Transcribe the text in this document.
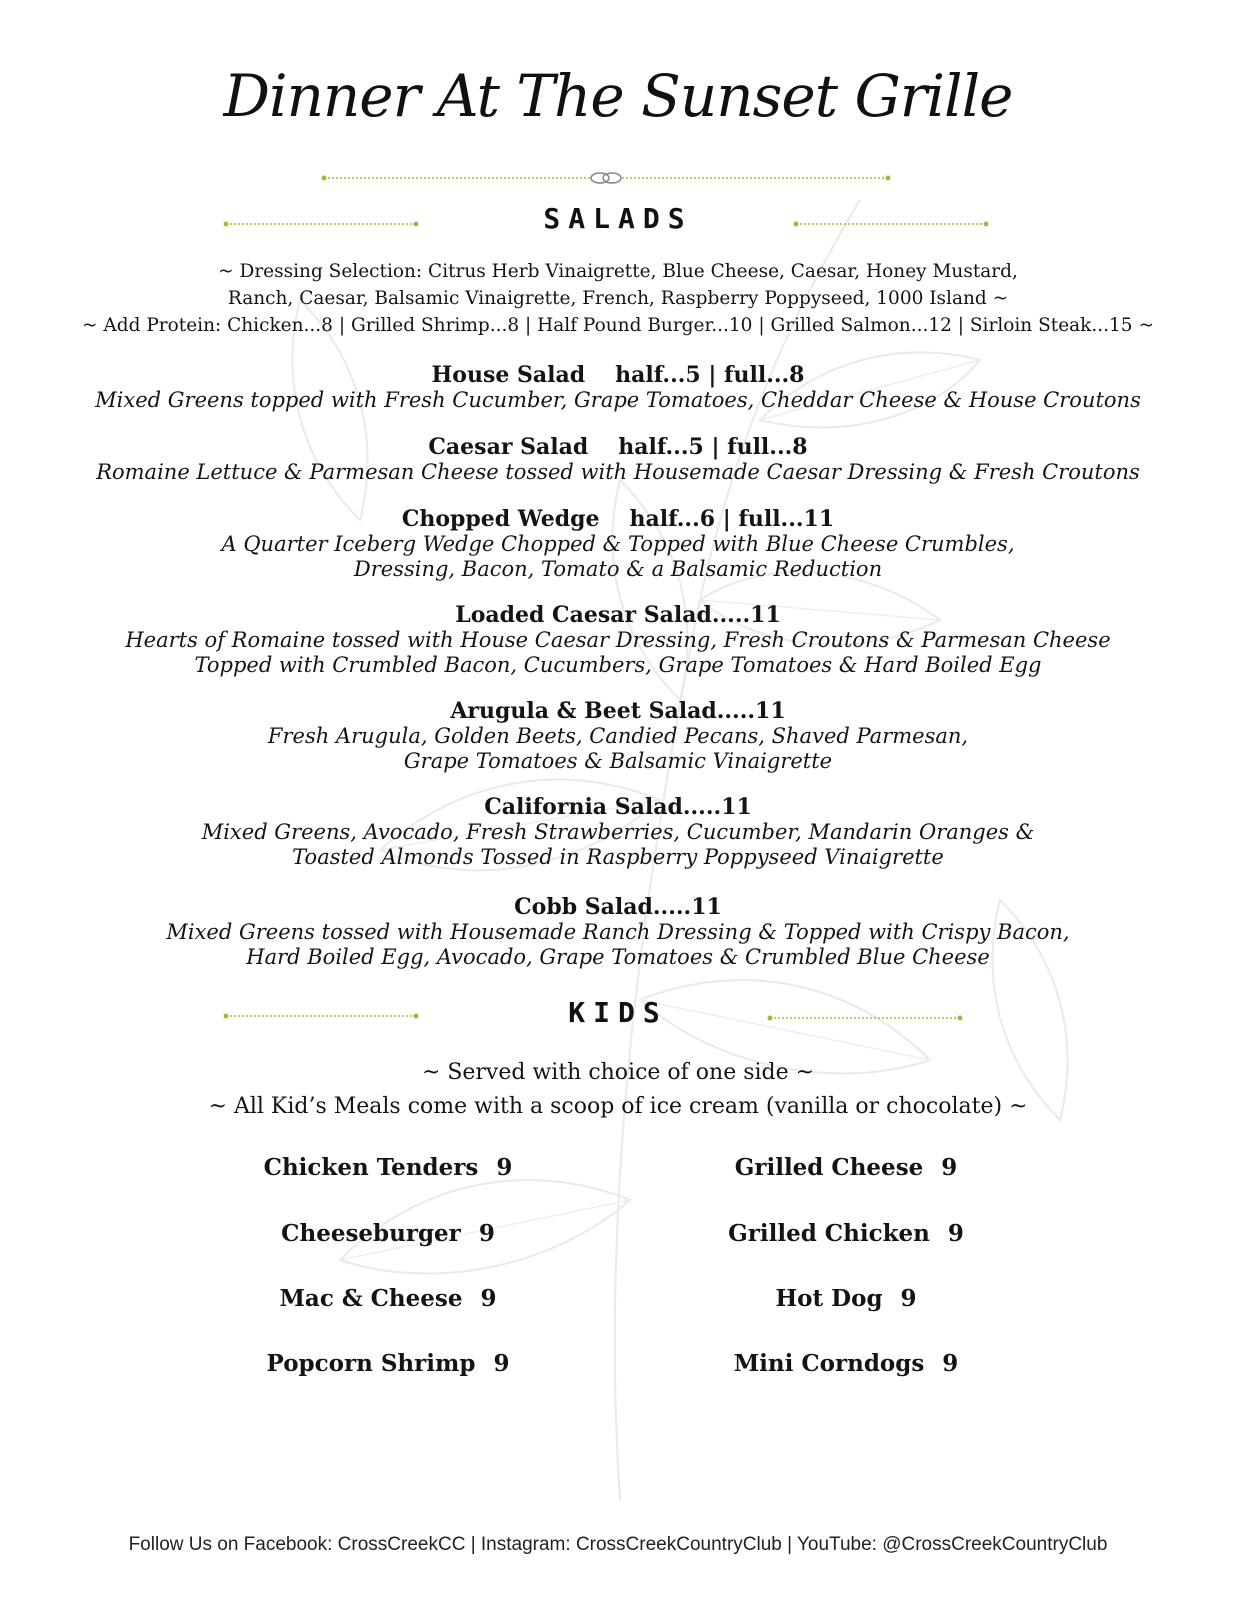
Dinner At The Sunset Grille
SALADS
~ Dressing Selection: Citrus Herb Vinaigrette, Blue Cheese, Caesar, Honey Mustard,
Ranch, Caesar, Balsamic Vinaigrette, French, Raspberry Poppyseed, 1000 Island ~
~ Add Protein: Chicken...8 | Grilled Shrimp...8 | Half Pound Burger...10 | Grilled Salmon...12 | Sirloin Steak...15 ~
House Salad half...5 | full...8
Mixed Greens topped with Fresh Cucumber, Grape Tomatoes, Cheddar Cheese & House Croutons
Caesar Salad half...5 | full...8
Romaine Lettuce & Parmesan Cheese tossed with Housemade Caesar Dressing & Fresh Croutons
Chopped Wedge half...6 | full...11
A Quarter Iceberg Wedge Chopped & Topped with Blue Cheese Crumbles,
Dressing, Bacon, Tomato & a Balsamic Reduction
Loaded Caesar Salad.....11
Hearts of Romaine tossed with House Caesar Dressing, Fresh Croutons & Parmesan Cheese
Topped with Crumbled Bacon, Cucumbers, Grape Tomatoes & Hard Boiled Egg
Arugula & Beet Salad.....11
Fresh Arugula, Golden Beets, Candied Pecans, Shaved Parmesan,
Grape Tomatoes & Balsamic Vinaigrette
California Salad.....11
Mixed Greens, Avocado, Fresh Strawberries, Cucumber, Mandarin Oranges &
Toasted Almonds Tossed in Raspberry Poppyseed Vinaigrette
Cobb Salad.....11
Mixed Greens tossed with Housemade Ranch Dressing & Topped with Crispy Bacon,
Hard Boiled Egg, Avocado, Grape Tomatoes & Crumbled Blue Cheese
KIDS
~ Served with choice of one side ~
~ All Kid’s Meals come with a scoop of ice cream (vanilla or chocolate) ~
Chicken Tenders 9
Cheeseburger 9
Mac & Cheese 9
Popcorn Shrimp 9
Grilled Cheese 9
Grilled Chicken 9
Hot Dog 9
Mini Corndogs 9
Follow Us on Facebook: CrossCreekCC | Instagram: CrossCreekCountryClub | YouTube: @CrossCreekCountryClub
